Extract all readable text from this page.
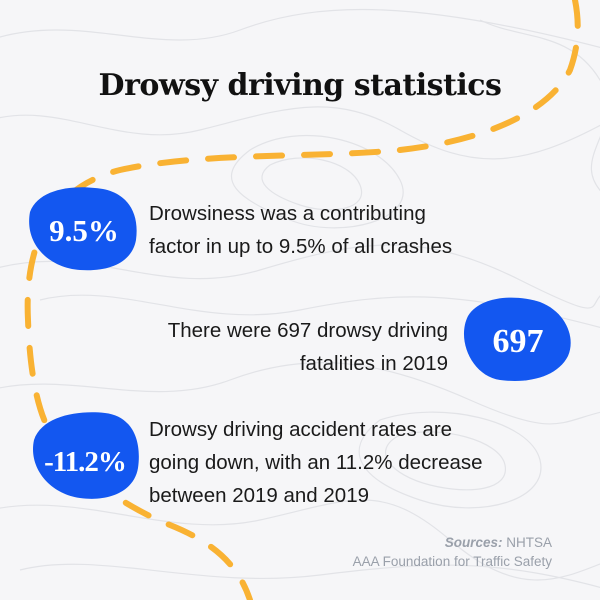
Drowsy driving statistics
9.5%	Drowsiness was a contributing
factor in up to 9.5% of all crashes
697
There were 697 drowsy driving
fatalities in 2019
-11.2%
Drowsy driving accident rates are
going down, with an 11.2% decrease
between 2019 and 2019
Sources: NHTSA
AAA Foundation for Traffic Safety
